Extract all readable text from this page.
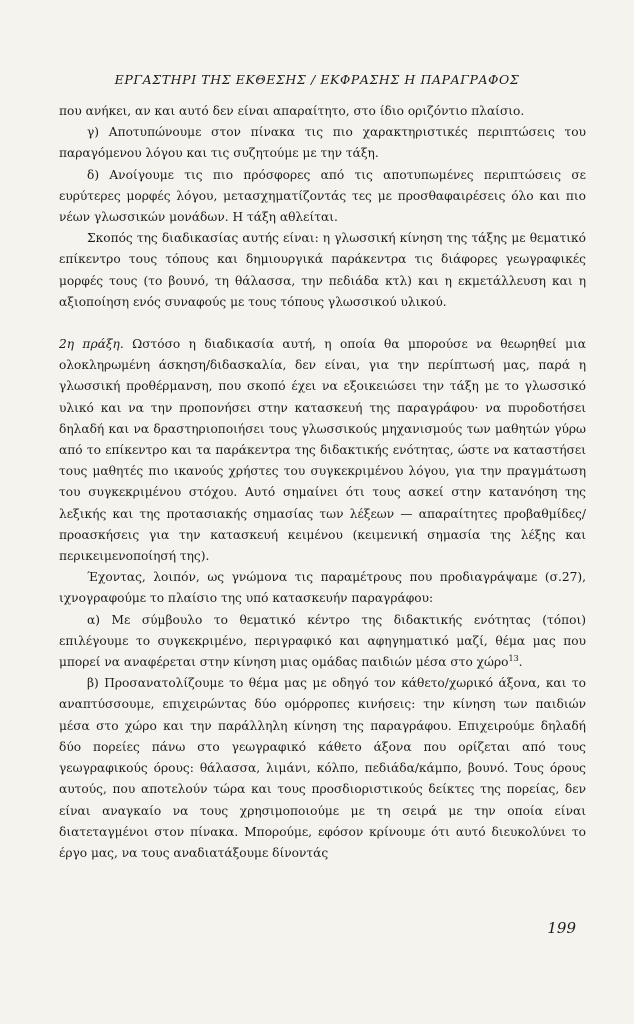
ΕΡΓΑΣΤΗΡΙ ΤΗΣ ΕΚΘΕΣΗΣ / ΕΚΦΡΑΣΗΣ Η ΠΑΡΑΓΡΑΦΟΣ

που ανήκει, αν και αυτό δεν είναι απαραίτητο, στο ίδιο οριζόντιο πλαίσιο.

γ) Αποτυπώνουμε στον πίνακα τις πιο χαρακτηριστικές περιπτώσεις του παραγόμενου λόγου και τις συζητούμε με την τάξη.

δ) Ανοίγουμε τις πιο πρόσφορες από τις αποτυπωμένες περιπτώσεις σε ευρύτερες μορφές λόγου, μετασχηματίζοντάς τες με προσθαφαιρέσεις όλο και πιο νέων γλωσσικών μονάδων. Η τάξη αθλείται.

Σκοπός της διαδικασίας αυτής είναι: η γλωσσική κίνηση της τάξης με θεματικό επίκεντρο τους τόπους και δημιουργικά παράκεντρα τις διάφορες γεωγραφικές μορφές τους (το βουνό, τη θάλασσα, την πεδιάδα κτλ) και η εκμετάλλευση και η αξιοποίηση ενός συναφούς με τους τόπους γλωσσικού υλικού.

2η πράξη. Ωστόσο η διαδικασία αυτή, η οποία θα μπορούσε να θεωρηθεί μια ολοκληρωμένη άσκηση/διδασκαλία, δεν είναι, για την περίπτωσή μας, παρά η γλωσσική προθέρμανση, που σκοπό έχει να εξοικειώσει την τάξη με το γλωσσικό υλικό και να την προπονήσει στην κατασκευή της παραγράφου· να πυροδοτήσει δηλαδή και να δραστηριοποιήσει τους γλωσσικούς μηχανισμούς των μαθητών γύρω από το επίκεντρο και τα παράκεντρα της διδακτικής ενότητας, ώστε να καταστήσει τους μαθητές πιο ικανούς χρήστες του συγκεκριμένου λόγου, για την πραγμάτωση του συγκεκριμένου στόχου. Αυτό σημαίνει ότι τους ασκεί στην κατανόηση της λεξικής και της προτασιακής σημασίας των λέξεων — απαραίτητες προβαθμίδες/προασκήσεις για την κατασκευή κειμένου (κειμενική σημασία της λέξης και περικειμενοποίησή της).

Έχοντας, λοιπόν, ως γνώμονα τις παραμέτρους που προδιαγράψαμε (σ.27), ιχνογραφούμε το πλαίσιο της υπό κατασκευήν παραγράφου:

α) Με σύμβουλο το θεματικό κέντρο της διδακτικής ενότητας (τόποι) επιλέγουμε το συγκεκριμένο, περιγραφικό και αφηγηματικό μαζί, θέμα μας που μπορεί να αναφέρεται στην κίνηση μιας ομάδας παιδιών μέσα στο χώρο$^{13}$.

β) Προσανατολίζουμε το θέμα μας με οδηγό τον κάθετο/χωρικό άξονα, και το αναπτύσσουμε, επιχειρώντας δύο ομόρροπες κινήσεις: την κίνηση των παιδιών μέσα στο χώρο και την παράλληλη κίνηση της παραγράφου. Επιχειρούμε δηλαδή δύο πορείες πάνω στο γεωγραφικό κάθετο άξονα που ορίζεται από τους γεωγραφικούς όρους: θάλασσα, λιμάνι, κόλπο, πεδιάδα/κάμπο, βουνό. Τους όρους αυτούς, που αποτελούν τώρα και τους προσδιοριστικούς δείκτες της πορείας, δεν είναι αναγκαίο να τους χρησιμοποιούμε με τη σειρά με την οποία είναι διατεταγμένοι στον πίνακα. Μπορούμε, εφόσον κρίνουμε ότι αυτό διευκολύνει το έργο μας, να τους αναδιατάξουμε δίνοντάς

199
